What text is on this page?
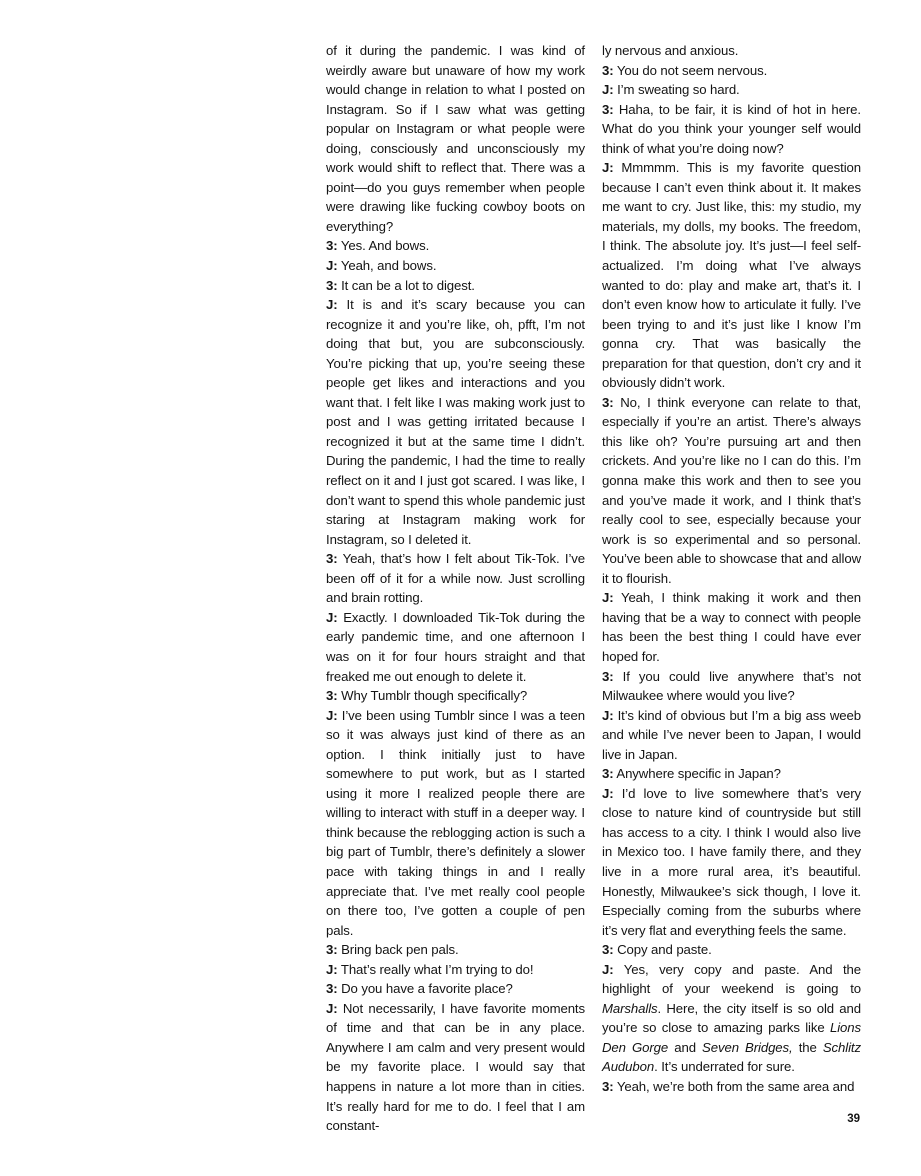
of it during the pandemic. I was kind of weirdly aware but unaware of how my work would change in relation to what I posted on Instagram. So if I saw what was getting popular on Instagram or what people were doing, consciously and unconsciously my work would shift to reflect that. There was a point—do you guys remember when people were drawing like fucking cowboy boots on everything?

3: Yes. And bows.

J: Yeah, and bows.

3: It can be a lot to digest.

J: It is and it’s scary because you can recognize it and you’re like, oh, pfft, I’m not doing that but, you are subconsciously. You’re picking that up, you’re seeing these people get likes and interactions and you want that. I felt like I was making work just to post and I was getting irritated because I recognized it but at the same time I didn’t. During the pandemic, I had the time to really reflect on it and I just got scared. I was like, I don’t want to spend this whole pandemic just staring at Instagram making work for Instagram, so I deleted it.

3: Yeah, that’s how I felt about Tik-Tok. I’ve been off of it for a while now. Just scrolling and brain rotting.

J: Exactly. I downloaded Tik-Tok during the early pandemic time, and one afternoon I was on it for four hours straight and that freaked me out enough to delete it.

3: Why Tumblr though specifically?

J: I’ve been using Tumblr since I was a teen so it was always just kind of there as an option. I think initially just to have somewhere to put work, but as I started using it more I realized people there are willing to interact with stuff in a deeper way. I think because the reblogging action is such a big part of Tumblr, there’s definitely a slower pace with taking things in and I really appreciate that. I’ve met really cool people on there too, I’ve gotten a couple of pen pals.

3: Bring back pen pals.

J: That’s really what I’m trying to do!

3: Do you have a favorite place?

J: Not necessarily, I have favorite moments of time and that can be in any place. Anywhere I am calm and very present would be my favorite place. I would say that happens in nature a lot more than in cities. It’s really hard for me to do. I feel that I am constant-

ly nervous and anxious.

3: You do not seem nervous.

J: I’m sweating so hard.

3: Haha, to be fair, it is kind of hot in here. What do you think your younger self would think of what you’re doing now?

J: Mmmmm. This is my favorite question because I can’t even think about it. It makes me want to cry. Just like, this: my studio, my materials, my dolls, my books. The freedom, I think. The absolute joy. It’s just—I feel self-actualized. I’m doing what I’ve always wanted to do: play and make art, that’s it. I don’t even know how to articulate it fully. I’ve been trying to and it’s just like I know I’m gonna cry. That was basically the preparation for that question, don’t cry and it obviously didn’t work.

3: No, I think everyone can relate to that, especially if you’re an artist. There’s always this like oh? You’re pursuing art and then crickets. And you’re like no I can do this. I’m gonna make this work and then to see you and you’ve made it work, and I think that’s really cool to see, especially because your work is so experimental and so personal. You’ve been able to showcase that and allow it to flourish.

J: Yeah, I think making it work and then having that be a way to connect with people has been the best thing I could have ever hoped for.

3: If you could live anywhere that’s not Milwaukee where would you live?

J: It’s kind of obvious but I’m a big ass weeb and while I’ve never been to Japan, I would live in Japan.

3: Anywhere specific in Japan?

J: I’d love to live somewhere that’s very close to nature kind of countryside but still has access to a city. I think I would also live in Mexico too. I have family there, and they live in a more rural area, it’s beautiful. Honestly, Milwaukee’s sick though, I love it. Especially coming from the suburbs where it’s very flat and everything feels the same.

3: Copy and paste.

J: Yes, very copy and paste. And the highlight of your weekend is going to Marshalls. Here, the city itself is so old and you’re so close to amazing parks like Lions Den Gorge and Seven Bridges, the Schlitz Audubon. It’s underrated for sure.

3: Yeah, we’re both from the same area and

39
